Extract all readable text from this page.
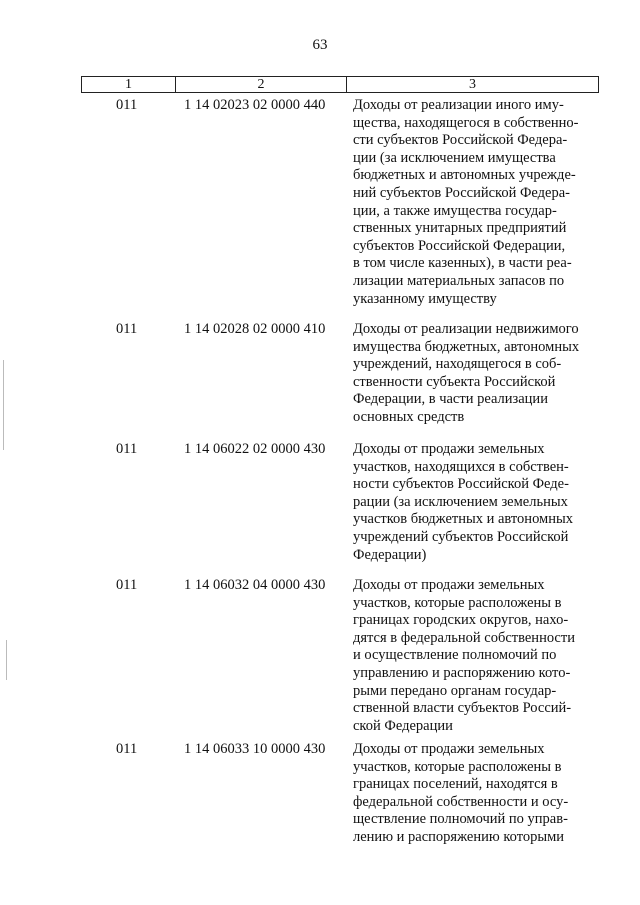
63
1	2	3
011	1 14 02023 02 0000 440 Доходы от реализации иного иму-
щества, находящегося в собственно-
сти субъектов Российской Федера-
ции (за исключением имущества
бюджетных и автономных учрежде-
ний субъектов Российской Федера-
ции, а также имущества государ-
ственных унитарных предприятий
субъектов Российской Федерации,
в том числе казенных), в части реа-
лизации материальных запасов по
указанному имуществу
011	1 14 02028 02 0000 410 Доходы от реализации недвижимого
имущества бюджетных, автономных
учреждений, находящегося в соб-
ственности субъекта Российской
Федерации, в части реализации
основных средств
011	1 14 06022 02 0000 430 Доходы от продажи земельных
участков, находящихся в собствен-
ности субъектов Российской Феде-
рации (за исключением земельных
участков бюджетных и автономных
учреждений субъектов Российской
Федерации)
011	1 14 06032 04 0000 430 Доходы от продажи земельных
участков, которые расположены в
границах городских округов, нахо-
дятся в федеральной собственности
и осуществление полномочий по
управлению и распоряжению кото-
рыми передано органам государ-
ственной власти субъектов Россий-
ской Федерации
011	1 14 06033 10 0000 430 Доходы от продажи земельных
участков, которые расположены в
границах поселений, находятся в
федеральной собственности и осу-
ществление полномочий по управ-
лению и распоряжению которыми
